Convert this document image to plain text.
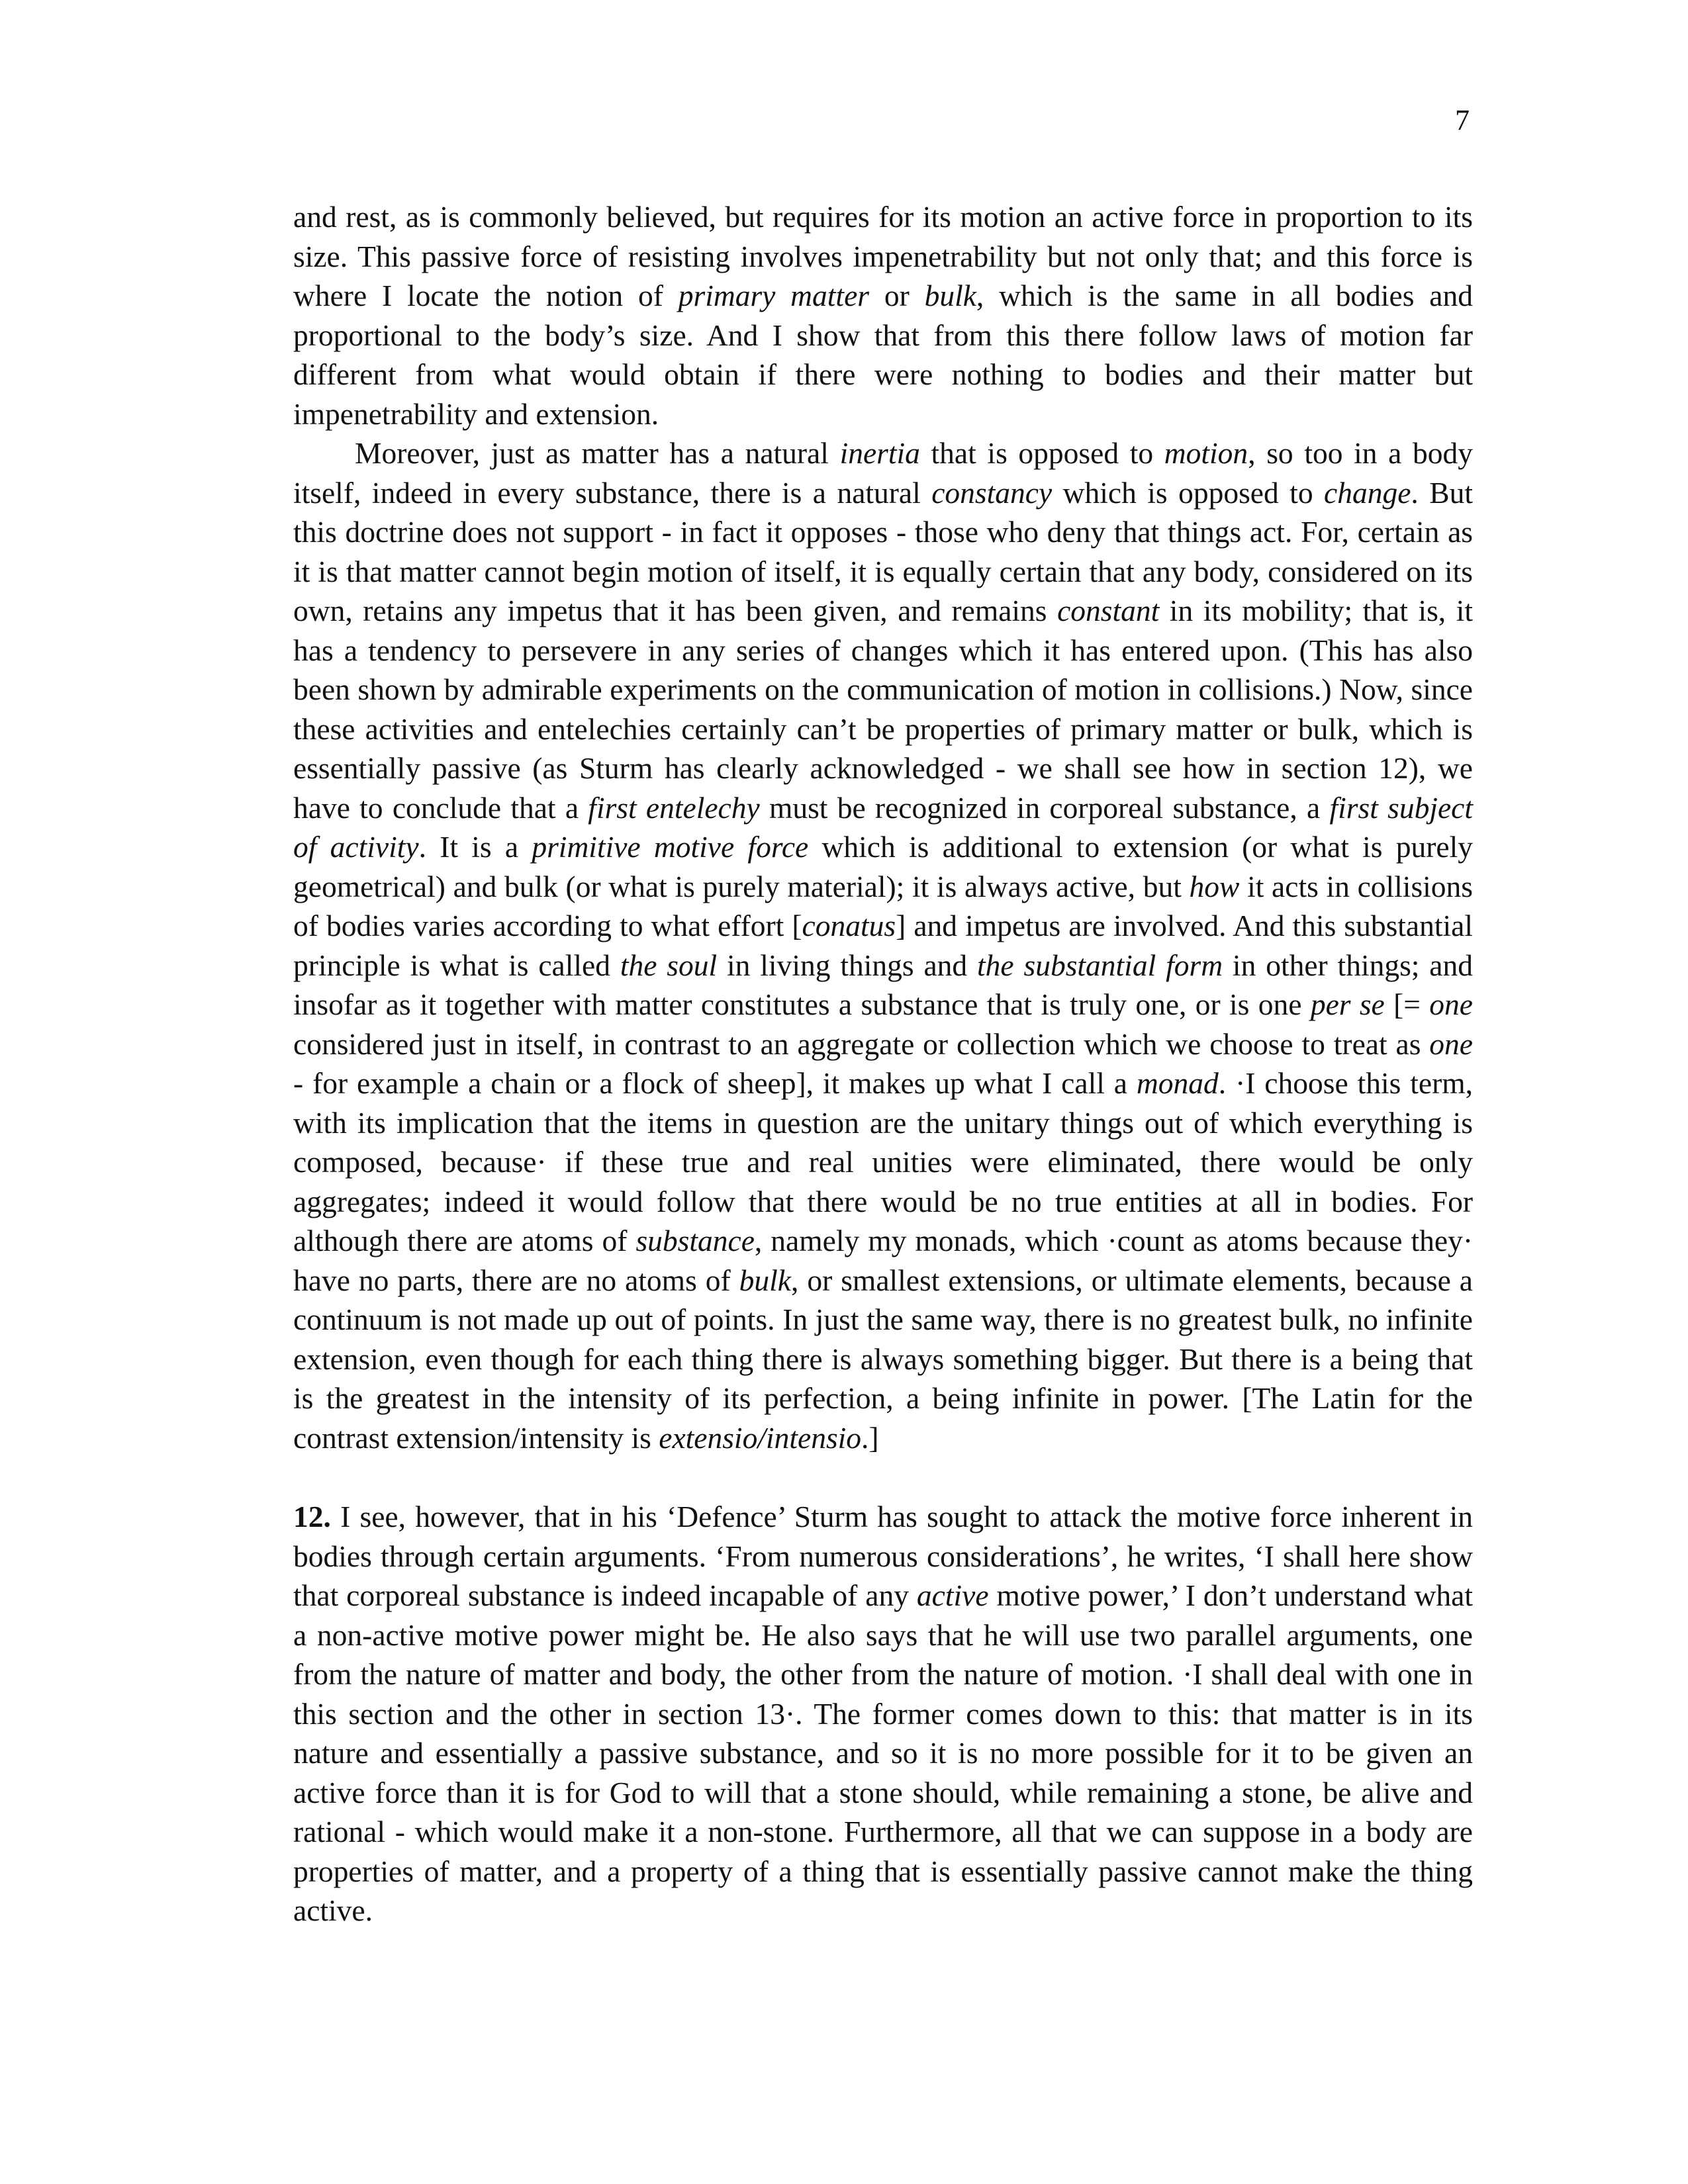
7

and rest, as is commonly believed, but requires for its motion an active force in proportion to its size. This passive force of resisting involves impenetrability but not only that; and this force is where I locate the notion of primary matter or bulk, which is the same in all bodies and proportional to the body’s size. And I show that from this there follow laws of motion far different from what would obtain if there were nothing to bodies and their matter but impenetrability and extension.

Moreover, just as matter has a natural inertia that is opposed to motion, so too in a body itself, indeed in every substance, there is a natural constancy which is opposed to change. But this doctrine does not support - in fact it opposes - those who deny that things act. For, certain as it is that matter cannot begin motion of itself, it is equally certain that any body, considered on its own, retains any impetus that it has been given, and remains constant in its mobility; that is, it has a tendency to persevere in any series of changes which it has entered upon. (This has also been shown by admirable experiments on the communication of motion in collisions.) Now, since these activities and entelechies certainly can’t be properties of primary matter or bulk, which is essentially passive (as Sturm has clearly acknowledged - we shall see how in section 12), we have to conclude that a first entelechy must be recognized in corporeal substance, a first subject of activity. It is a primitive motive force which is additional to extension (or what is purely geometrical) and bulk (or what is purely material); it is always active, but how it acts in collisions of bodies varies according to what effort [conatus] and impetus are involved. And this substantial principle is what is called the soul in living things and the substantial form in other things; and insofar as it together with matter constitutes a substance that is truly one, or is one per se [= one considered just in itself, in contrast to an aggregate or collection which we choose to treat as one - for example a chain or a flock of sheep], it makes up what I call a monad. ·I choose this term, with its implication that the items in question are the unitary things out of which everything is composed, because· if these true and real unities were eliminated, there would be only aggregates; indeed it would follow that there would be no true entities at all in bodies. For although there are atoms of substance, namely my monads, which ·count as atoms because they· have no parts, there are no atoms of bulk, or smallest extensions, or ultimate elements, because a continuum is not made up out of points. In just the same way, there is no greatest bulk, no infinite extension, even though for each thing there is always something bigger. But there is a being that is the greatest in the intensity of its perfection, a being infinite in power. [The Latin for the contrast extension/intensity is extensio/intensio.]

12. I see, however, that in his ‘Defence’ Sturm has sought to attack the motive force inherent in bodies through certain arguments. ‘From numerous considerations’, he writes, ‘I shall here show that corporeal substance is indeed incapable of any active motive power,’ I don’t understand what a non-active motive power might be. He also says that he will use two parallel arguments, one from the nature of matter and body, the other from the nature of motion. ·I shall deal with one in this section and the other in section 13·. The former comes down to this: that matter is in its nature and essentially a passive substance, and so it is no more possible for it to be given an active force than it is for God to will that a stone should, while remaining a stone, be alive and rational - which would make it a non-stone. Furthermore, all that we can suppose in a body are properties of matter, and a property of a thing that is essentially passive cannot make the thing active.
